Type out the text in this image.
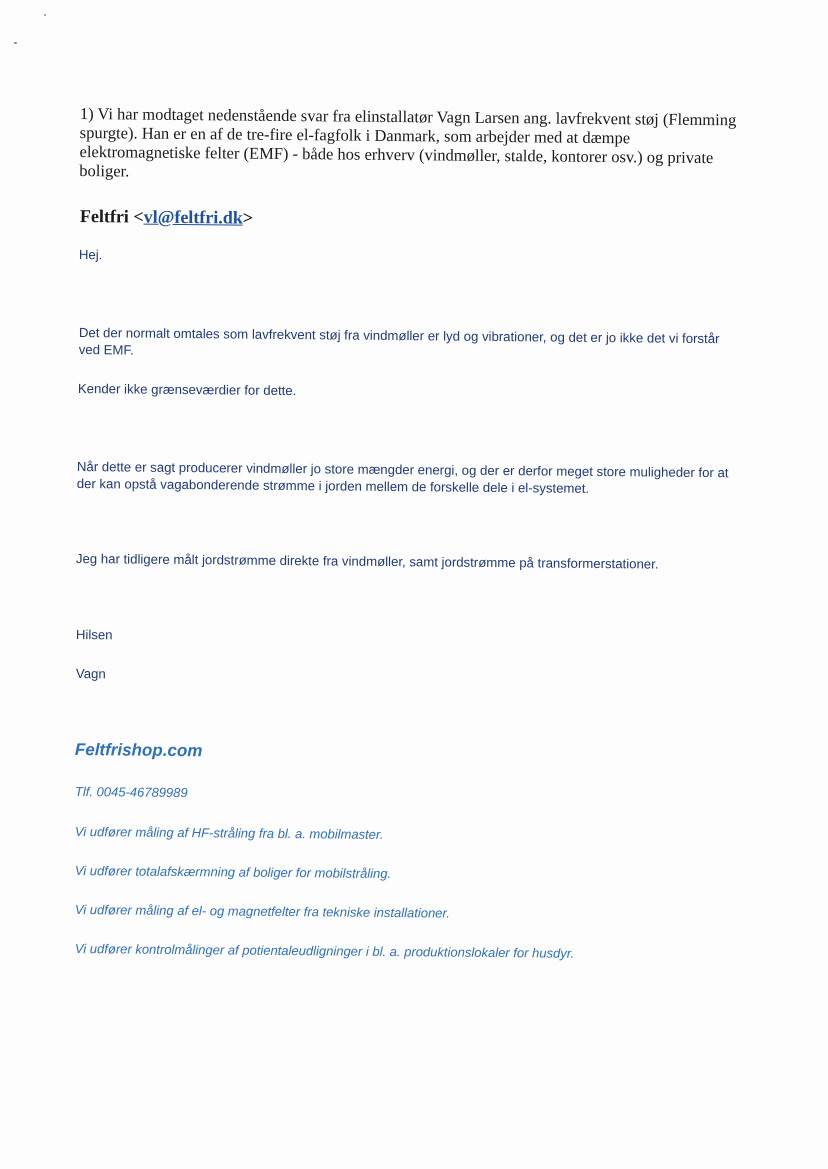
1) Vi har modtaget nedenstående svar fra elinstallatør Vagn Larsen ang. lavfrekvent støj (Flemming spurgte). Han er en af de tre-fire el-fagfolk i Danmark, som arbejder med at dæmpe elektromagnetiske felter (EMF) - både hos erhverv (vindmøller, stalde, kontorer osv.) og private boliger.

Feltfri <vl@feltfri.dk>
Hej.
Det der normalt omtales som lavfrekvent støj fra vindmøller er lyd og vibrationer, og det er jo ikke det vi forstår ved EMF.
Kender ikke grænseværdier for dette.
Når dette er sagt producerer vindmøller jo store mængder energi, og der er derfor meget store muligheder for at der kan opstå vagabonderende strømme i jorden mellem de forskelle dele i el-systemet.
Jeg har tidligere målt jordstrømme direkte fra vindmøller, samt jordstrømme på transformerstationer.
Hilsen
Vagn
Feltfrishop.com
Tlf. 0045-46789989
Vi udfører måling af HF-stråling fra bl. a. mobilmaster.
Vi udfører totalafskærmning af boliger for mobilstråling.
Vi udfører måling af el- og magnetfelter fra tekniske installationer.
Vi udfører kontrolmålinger af potientaleudligninger i bl. a. produktionslokaler for husdyr.
